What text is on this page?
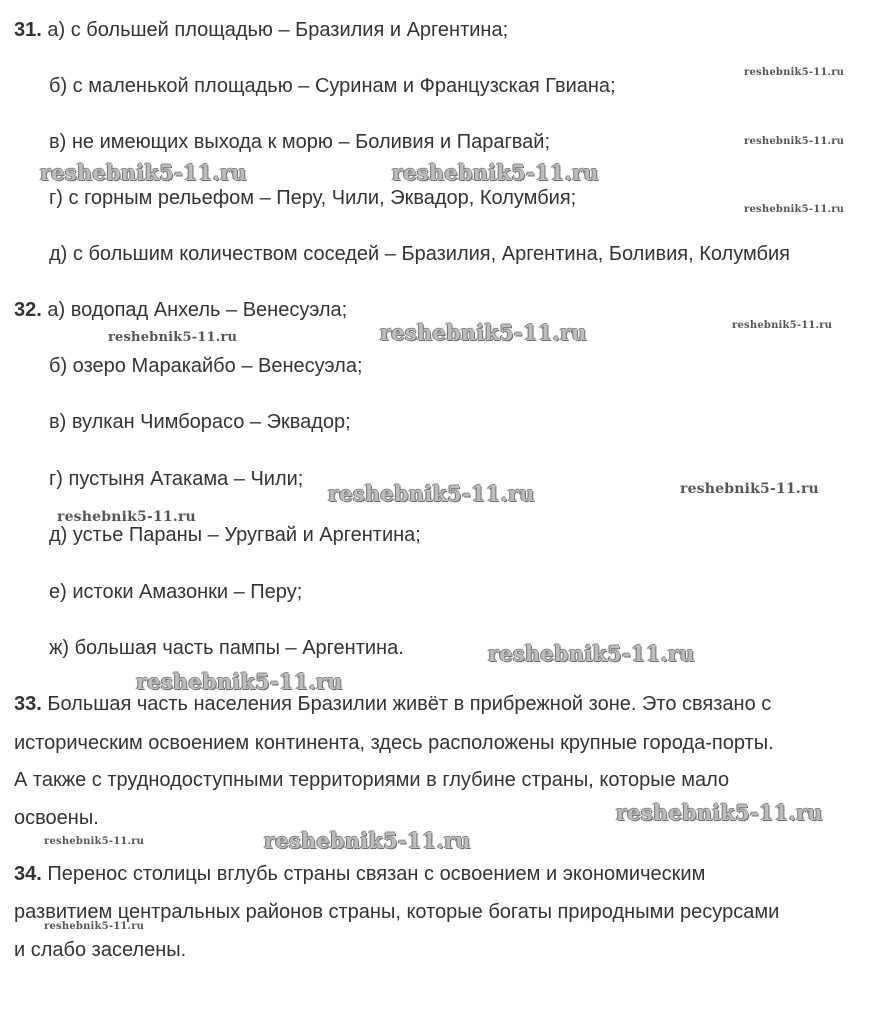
31. а) с большей площадью – Бразилия и Аргентина;
б) с маленькой площадью – Суринам и Французская Гвиана;
в) не имеющих выхода к морю – Боливия и Парагвай;
г) с горным рельефом – Перу, Чили, Эквадор, Колумбия;
д) с большим количеством соседей – Бразилия, Аргентина, Боливия, Колумбия
32. а) водопад Анхель – Венесуэла;
б) озеро Маракайбо – Венесуэла;
в) вулкан Чимборасо – Эквадор;
г) пустыня Атакама – Чили;
д) устье Параны – Уругвай и Аргентина;
е) истоки Амазонки – Перу;
ж) большая часть пампы – Аргентина.
33. Большая часть населения Бразилии живёт в прибрежной зоне. Это связано с
историческим освоением континента, здесь расположены крупные города-порты.
А также с труднодоступными территориями в глубине страны, которые мало
освоены.
34. Перенос столицы вглубь страны связан с освоением и экономическим
развитием центральных районов страны, которые богаты природными ресурсами
и слабо заселены.
reshebnik5-11.ru
reshebnik5-11.ru
reshebnik5-11.ru	reshebnik5-11.ru
reshebnik5-11.ru
reshebnik5-11.ru	reshebnik5-11.ru	reshebnik5-11.ru
reshebnik5-11.ru	reshebnik5-11.ru
reshebnik5-11.ru
reshebnik5-11.ru
reshebnik5-11.ru
reshebnik5-11.ru
reshebnik5-11.ru	reshebnik5-11.ru
reshebnik5-11.ru
